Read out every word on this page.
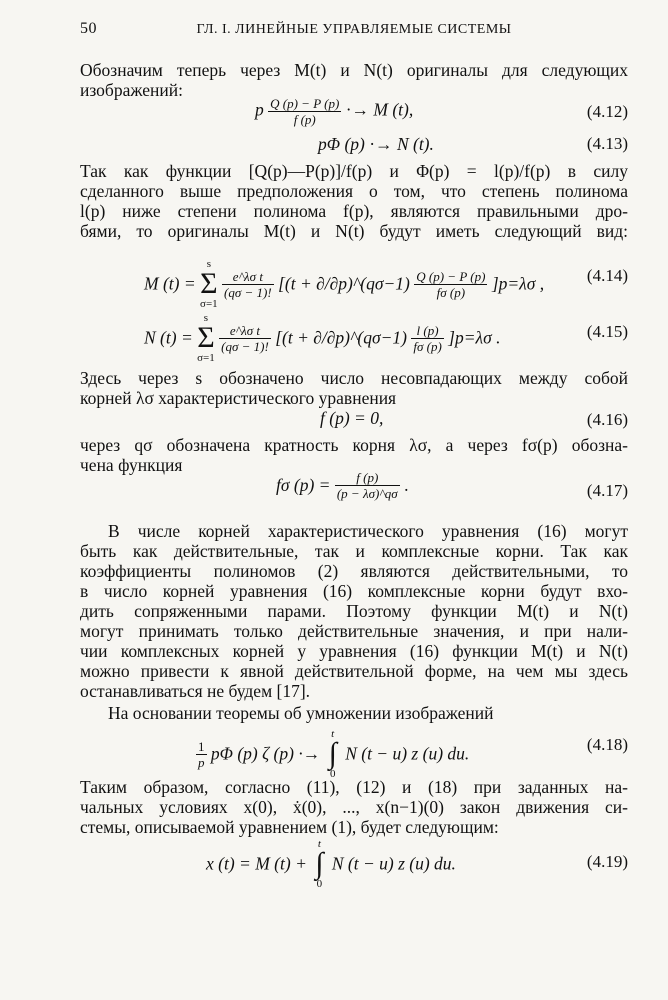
50	ГЛ. I. ЛИНЕЙНЫЕ УПРАВЛЯЕМЫЕ СИСТЕМЫ
Обозначим теперь через M(t) и N(t) оригиналы для следующих
изображений:
p $\frac{Q (p) - P (p)}{f (p)} \cdot\to M$ (t),	(4.12)
pΦ (p) ·→ N (t).	(4.13)
Так как функции [Q(p)—P(p)]/f(p) и Φ(p) = l(p)/f(p) в силу
сделанного выше предположения о том, что степень полинома
l(p) ниже степени полинома f(p), являются правильными дро-
бями, то оригиналы M(t) и N(t) будут иметь следующий вид:
M (t) =
s
Σ
σ=1

$\frac{\text{e\textasciicircum{}λσ t}}{(q\sigma - 1)!} [(t$ + ∂/∂p)^(qσ−1) $\frac{Q (p) - P (p)}{f\sigma (p)} ]p=\lambda\sigma$ ,	(4.14)
N (t) =
s
Σ
σ=1

$\frac{\text{e\textasciicircum{}λσ t}}{(q\sigma - 1)!} [(t$ + ∂/∂p)^(qσ−1) $\frac{l (p)}{f\sigma (p)} ]p=\lambda\sigma$ .	(4.15)
Здесь через s обозначено число несовпадающих между собой
корней λσ характеристического уравнения
f (p) = 0,	(4.16)
через qσ обозначена кратность корня λσ, а через fσ(p) обозна-
чена функция
fσ $(p) = \frac{f (p)}{(p - \lambda\sigma)\^{}q\sigma}$ .	(4.17)
В числе корней характеристического уравнения (16) могут
быть как действительные, так и комплексные корни. Так как
коэффициенты полиномов (2) являются действительными, то
в число корней уравнения (16) комплексные корни будут вхо-
дить сопряженными парами. Поэтому функции M(t) и N(t)
могут принимать только действительные значения, и при нали-
чии комплексных корней у уравнения (16) функции M(t) и N(t)
можно привести к явной действительной форме, на чем мы здесь
останавливаться не будем [17].
На основании теоремы об умножении изображений
$\frac{1}{p}$ pΦ (p) ζ (p) ·→
t
∫
0
N (t − u) z (u) du.	(4.18)
Таким образом, согласно (11), (12) и (18) при заданных на-
чальных условиях x(0), ẋ(0), ..., x(n−1)(0) закон движения си-
стемы, описываемой уравнением (1), будет следующим:
x (t) = M (t) +
t
∫
0
N (t − u) z (u) du.	(4.19)
